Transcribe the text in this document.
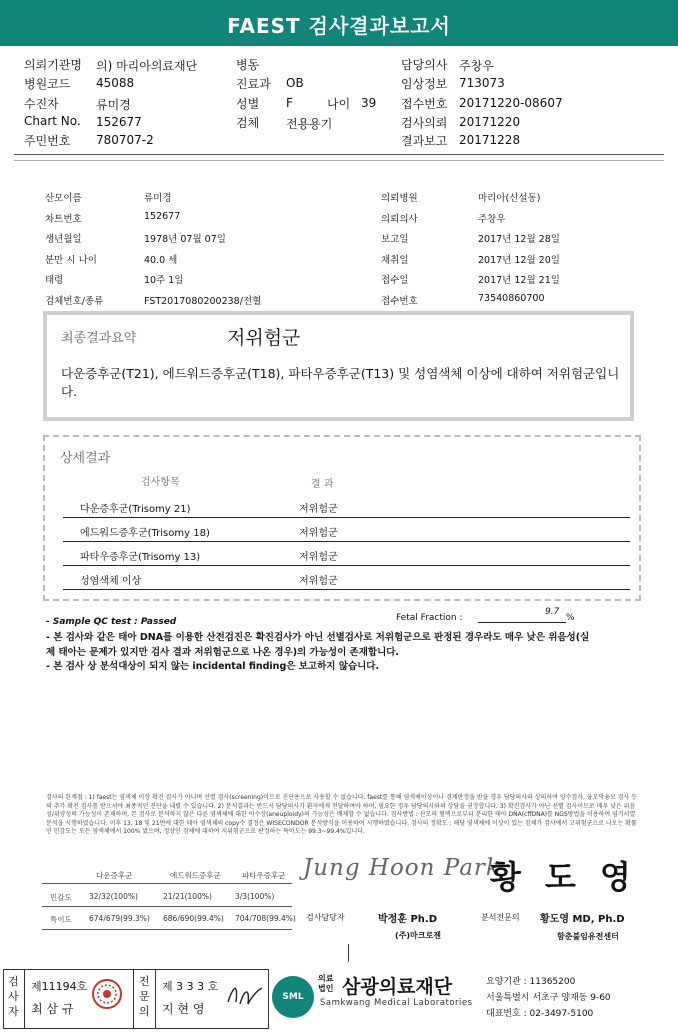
FAEST 검사결과보고서
의뢰기관명 의) 마리아의료재단
병원코드 45088
수진자	류미경
Chart No. 152677
주민번호 780707-2
병동
진료과 OB
성별 F
검체 전용용기
나이 39
담당의사 주창우
임상정보 713073
접수번호 20171220-08607
검사의뢰 20171220
결과보고 20171228
산모이름	류미경
차트번호	152677
생년월일	1978년 07월 07일
분만 시 나이	40.0 세
태령	10주 1일
검체번호/종류	FST2017080200238/전혈
의뢰병원	마리아(신설동)
의뢰의사	주창우
보고일	2017년 12월 28일
채취일	2017년 12월 20일
접수일	2017년 12월 21일
접수번호	73540860700
최종결과요약	저위험군
다운증후군(T21), 에드워드증후군(T18), 파타우증후군(T13) 및 성염색체 이상에 대하여 저위험군입니다.
상세결과
검사항목	결 과
다운증후군(Trisomy 21)	저위험군
에드워드증후군(Trisomy 18)	저위험군
파타우증후군(Trisomy 13)	저위험군
성염색체 이상	저위험군
- Sample QC test : Passed	Fetal Fraction :
9.7
%
- 본 검사와 같은 태아 DNA를 이용한 산전검진은 확진검사가 아닌 선별검사로 저위험군으로 판정된 경우라도 매우 낮은 위음성(실
제 태아는 문제가 있지만 검사 결과 저위험군으로 나온 경우)의 가능성이 존재합니다.
- 본 검사 상 분석대상이 되지 않는 incidental finding은 보고하지 않습니다.
검사의 한계점 : 1) faest는 염색체 이상 확진 검사가 아니며 선별 검사(screening)이므로 진단용으로 사용할 수 없습니다. faest를 통해 염색체이상이나 경계판정을 받을 경우 담당의사와 상의하여 양수검사, 융모막융모 검사 등의 추가 확진 검사를 받으셔야 최종적인 진단을 내릴 수 있습니다. 2) 분석결과는 반드시 담당의사가 환자에게 전달하여야 하며, 필요한 경우 담당의사와의 상담을 권장합니다. 3) 확진검사가 아닌 선별 검사이므로 매우 낮은 위음성/위양성의 가능성이 존재하며, 본 검사로 분석하지 않은 다른 염색체에 대한 이수성(aneuploidy)의 가능성은 배제할 수 없습니다. 검사방법 : 산모의 혈액으로부터 분리한 태아 DNA(cffDNA)를 NGS방법을 이용하여 염기서열분석을 시행하였습니다. 이후 13, 18 및 21번에 대한 태아 염색체의 copy수 결정은 WISECONDOR 분석방식을 이용하여 시행하였습니다. 검사의 정확도 : 해당 염색체에 이상이 있는 검체가 검사에서 고위험군으로 나오는 확률인 민감도는 모든 염색체에서 100% 였으며, 정상인 검체에 대하여 저위험군으로 판정하는 특이도는 99.3~99.4%입니다.
다운증후군	에드워드증후군	파타우증후군
민감도 32/32(100%)	21/21(100%)	3/3(100%)
특이도 674/679(99.3%) 686/690(99.4%) 704/708(99.4%)
Jung Hoon Park
황도영
검사담당자	박정훈 Ph.D
(주)마크로젠
분석전문의 황도영 MD, Ph.D
함춘불임유전센터
검
사
자
제11194호
최 삼 규
전
문
의
제 3 3 3 호
지 현 영
SML
의료
법인 삼광의료재단
Samkwang Medical Laboratories
요양기관 : 11365200
서울특별시 서초구 양재동 9-60
대표번호 : 02-3497-5100
